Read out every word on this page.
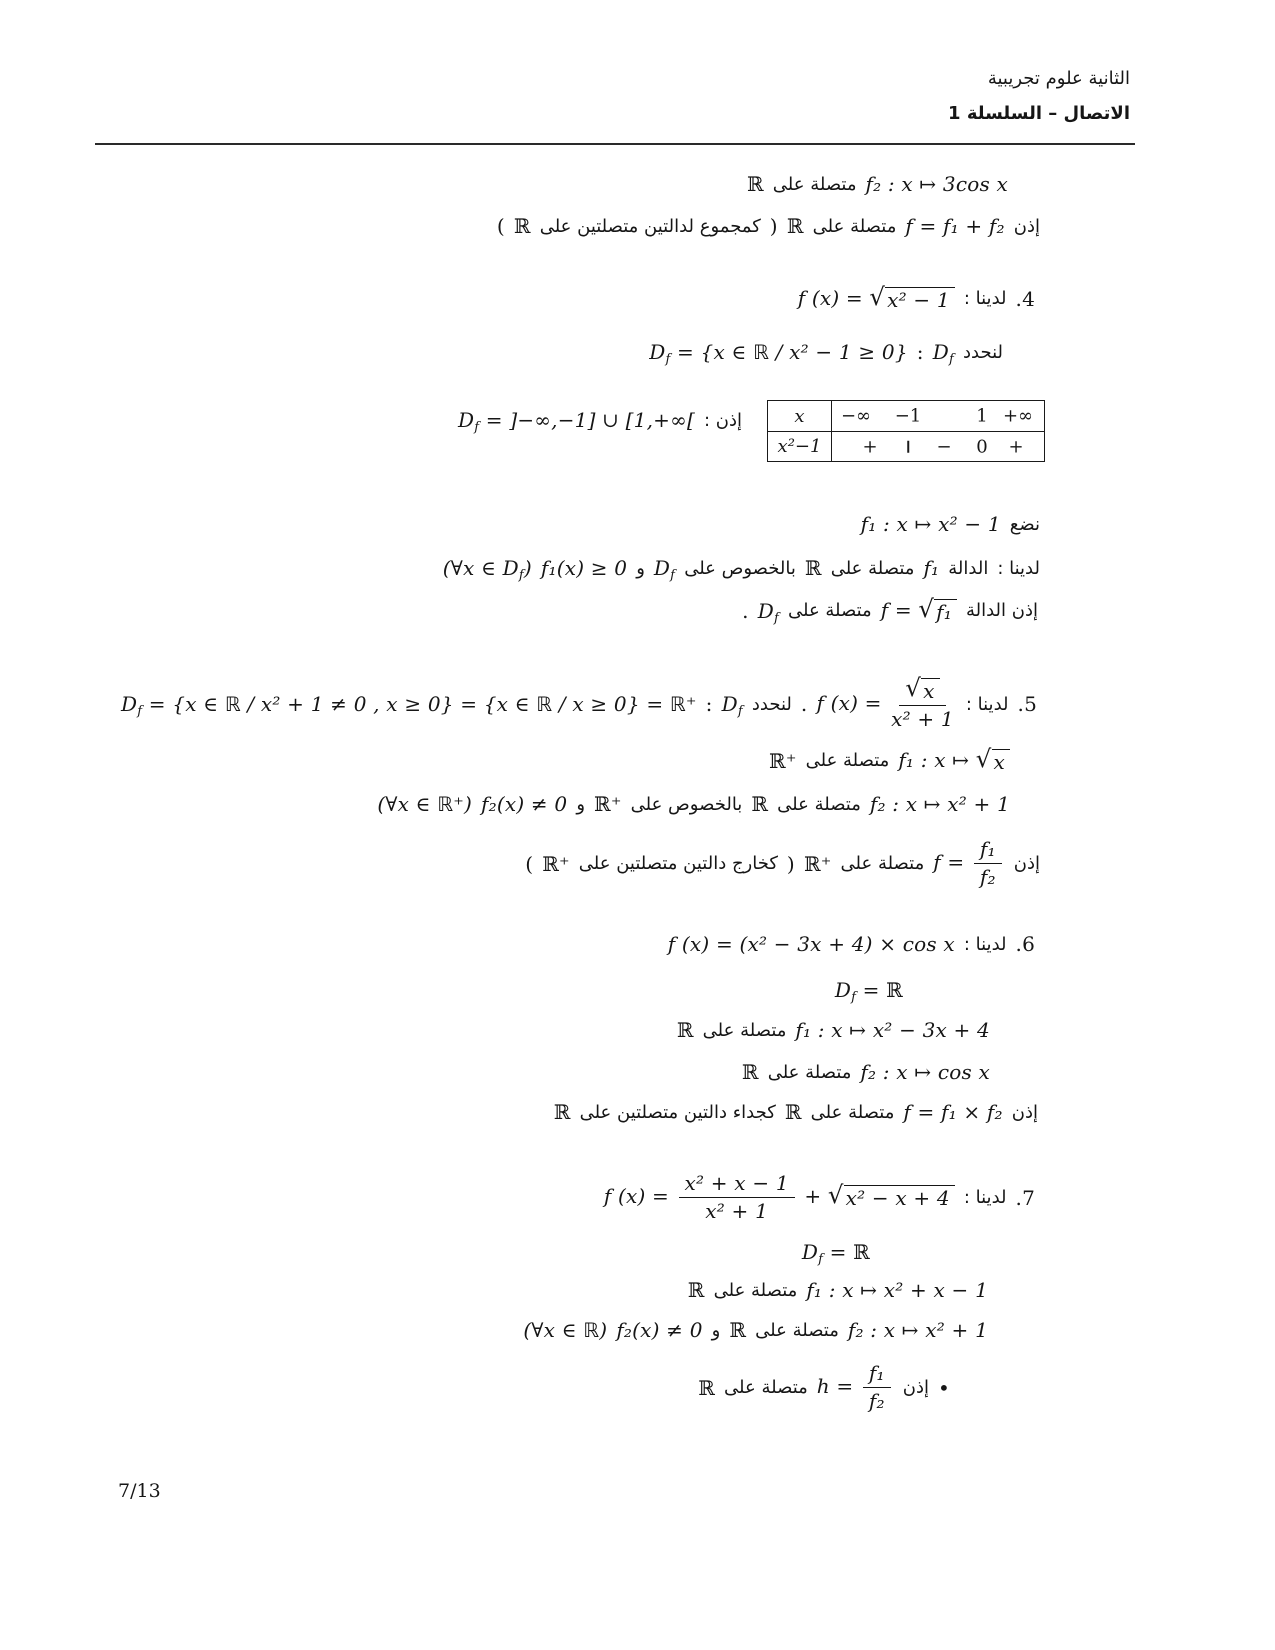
الثانية علوم تجريبية
الاتصال – السلسلة 1
ℝ متصلة على f₂ : x ↦ 3cos x
( ℝ كمجموع لدالتين متصلتين على ) ℝ متصلة على f = f₁ + f₂ إذن
f (x) = √ x² − 1 لدينا : .4
$D_f = \{x$ ∈ ℝ / x² − 1 ≥ 0} : $D_f$ لنحدد
$D_f = ]-\infty,-1$] ∪ [1,+∞[ إذن :	x	−∞ −1	1 +∞
x²−1	+	− 0 +
f₁ : x ↦ x² − 1 نضع
(∀x ∈ $D_f$) f₁(x) ≥ 0 و $D_f$ بالخصوص على ℝ متصلة على f₁ الدالة لدينا :
. $D_f$ متصلة على f = √ f₁ إذن الدالة
$D_f = \{x$ ∈ ℝ / x² + 1 ≠ 0 , x ≥ 0} = {x ∈ ℝ / x ≥ 0} = ℝ⁺ : $D_f$ لنحدد . f $(x) = \frac{√ x}{\text{x² + 1}}$ لدينا : .5
ℝ⁺ متصلة على f₁ : x ↦ √ x
(∀x ∈ ℝ⁺) f₂(x) ≠ 0 و ℝ⁺ بالخصوص على ℝ متصلة على f₂ : x ↦ x² + 1
( ℝ⁺ كخارج دالتين متصلتين على ) ℝ⁺ متصلة على $f = \frac{\text{f₁}}{\text{f₂}}$ إذن
f (x) = (x² − 3x + 4) × cos x لدينا : .6
$D_f$ = ℝ
ℝ متصلة على f₁ : x ↦ x² − 3x + 4
ℝ متصلة على f₂ : x ↦ cos x
ℝ كجداء دالتين متصلتين على ℝ متصلة على f = f₁ × f₂ إذن
f $(x) = \frac{\text{x² + x − 1}}{\text{x² + 1}}$ + √ x² − x + 4 لدينا : .7
$D_f$ = ℝ
ℝ متصلة على f₁ : x ↦ x² + x − 1
(∀x ∈ ℝ) f₂(x) ≠ 0 و ℝ متصلة على f₂ : x ↦ x² + 1
ℝ متصلة على $h = \frac{\text{f₁}}{\text{f₂}}$ إذن •
7/13
